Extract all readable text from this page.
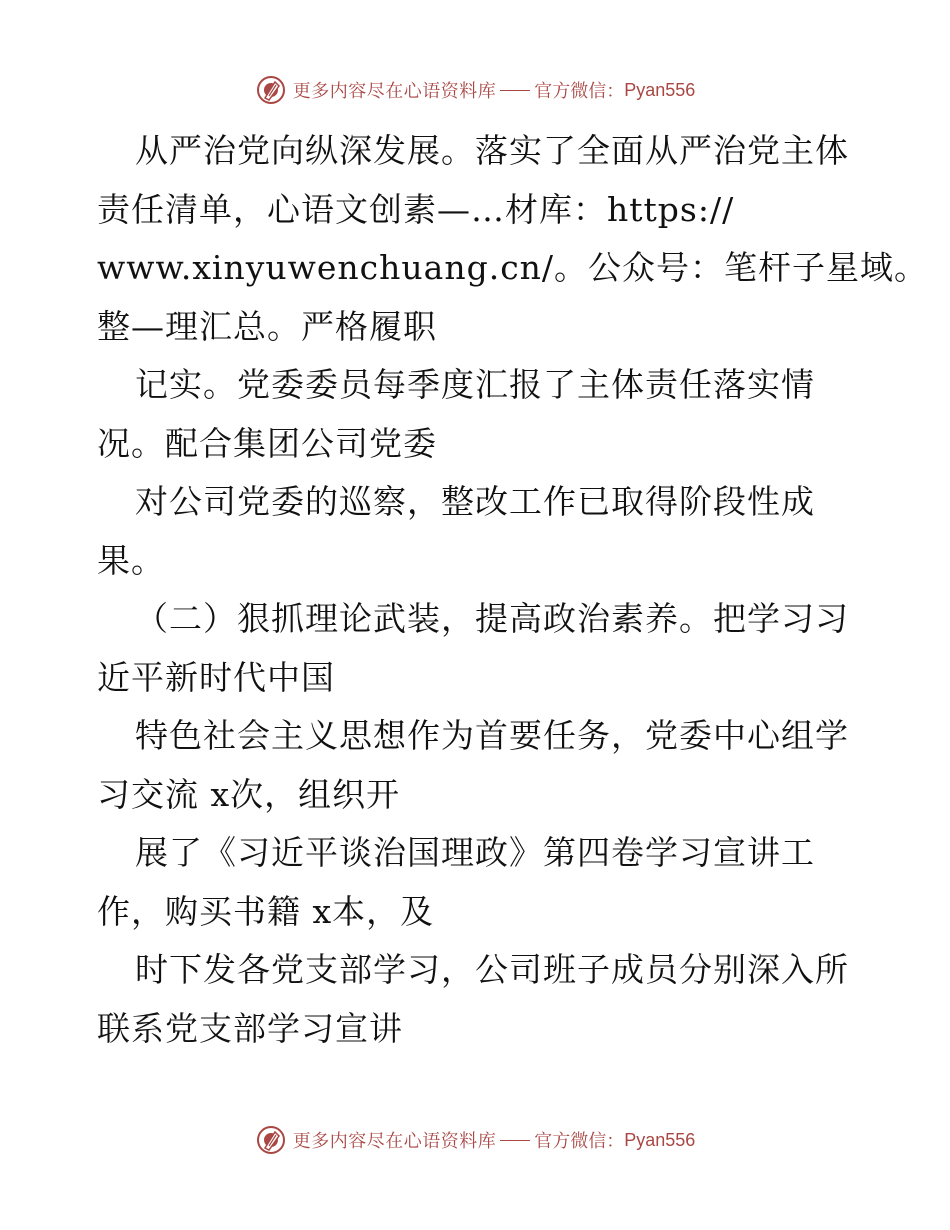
更多内容尽在心语资料库 官方微信： Pyan556
从严治党向纵深发展。落实了全面从严治党主体
责任清单，心语文创素—…材库：https://
www.xinyuwenchuang.cn/。公众号：笔杆子星域。
整—理汇总。严格履职
记实。党委委员每季度汇报了主体责任落实情
况。配合集团公司党委
对公司党委的巡察，整改工作已取得阶段性成
果。
（二）狠抓理论武装，提高政治素养。把学习习
近平新时代中国
特色社会主义思想作为首要任务，党委中心组学
习交流 x次，组织开
展了《习近平谈治国理政》第四卷学习宣讲工
作，购买书籍 x本，及
时下发各党支部学习，公司班子成员分别深入所
联系党支部学习宣讲
更多内容尽在心语资料库 官方微信： Pyan556
